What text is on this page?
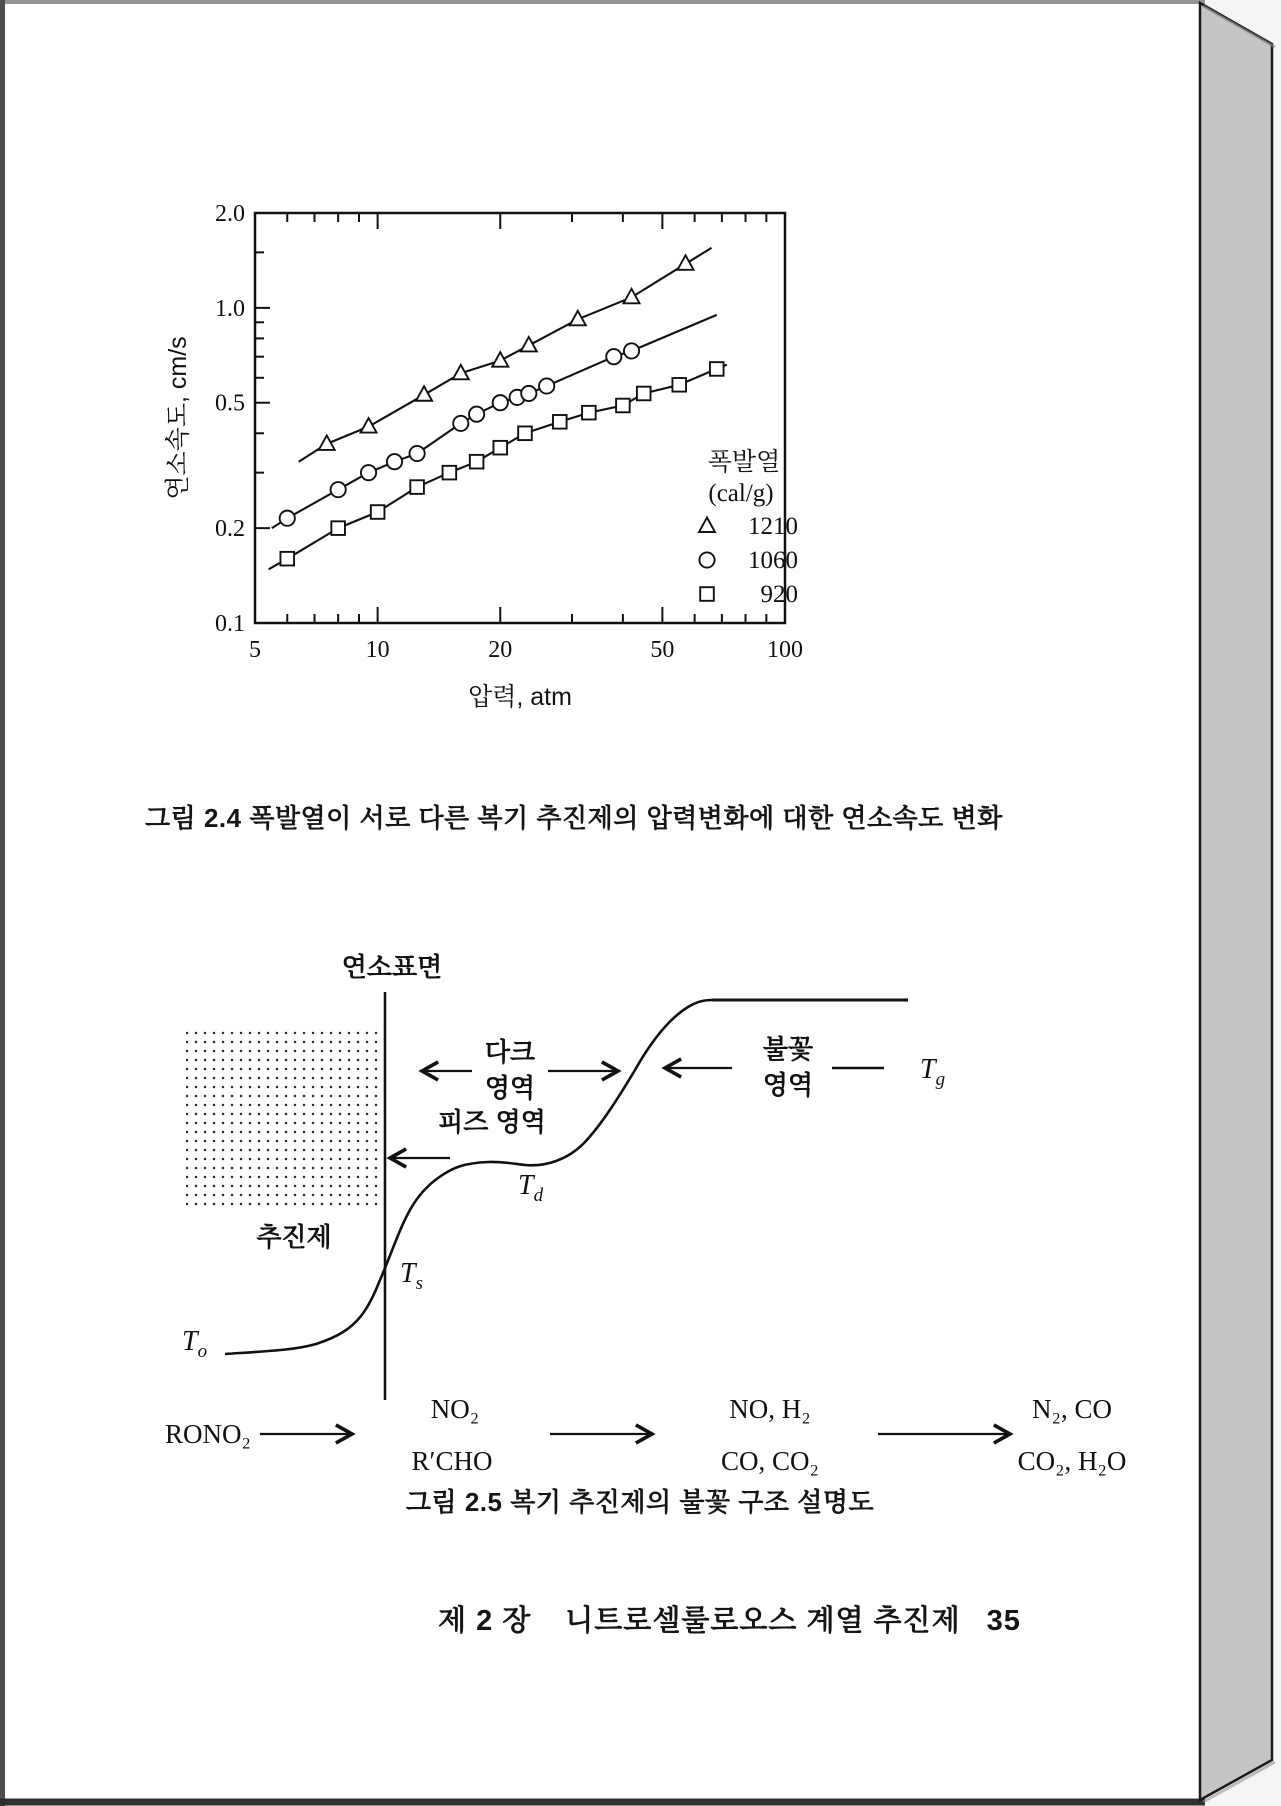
5	10	20	50	100
0.1
0.2
0.5
1.0
2.0
압력, atm
연소속도, cm/s	폭발열
(cal/g)
1210
1060
920
그림 2.4 폭발열이 서로 다른 복기 추진제의 압력변화에 대한 연소속도 변화
연소표면
추진제
다크
영역
불꽃
영역
피즈 영역
$T_g$
$T_d$
$T_s$
$T_o$
RONO₂
NO₂
R′CHO
NO, H₂
CO, CO₂
N₂, CO
CO₂, H₂O
그림 2.5 복기 추진제의 불꽃 구조 설명도
제 2 장 니트로셀룰로오스 계열 추진제 35
